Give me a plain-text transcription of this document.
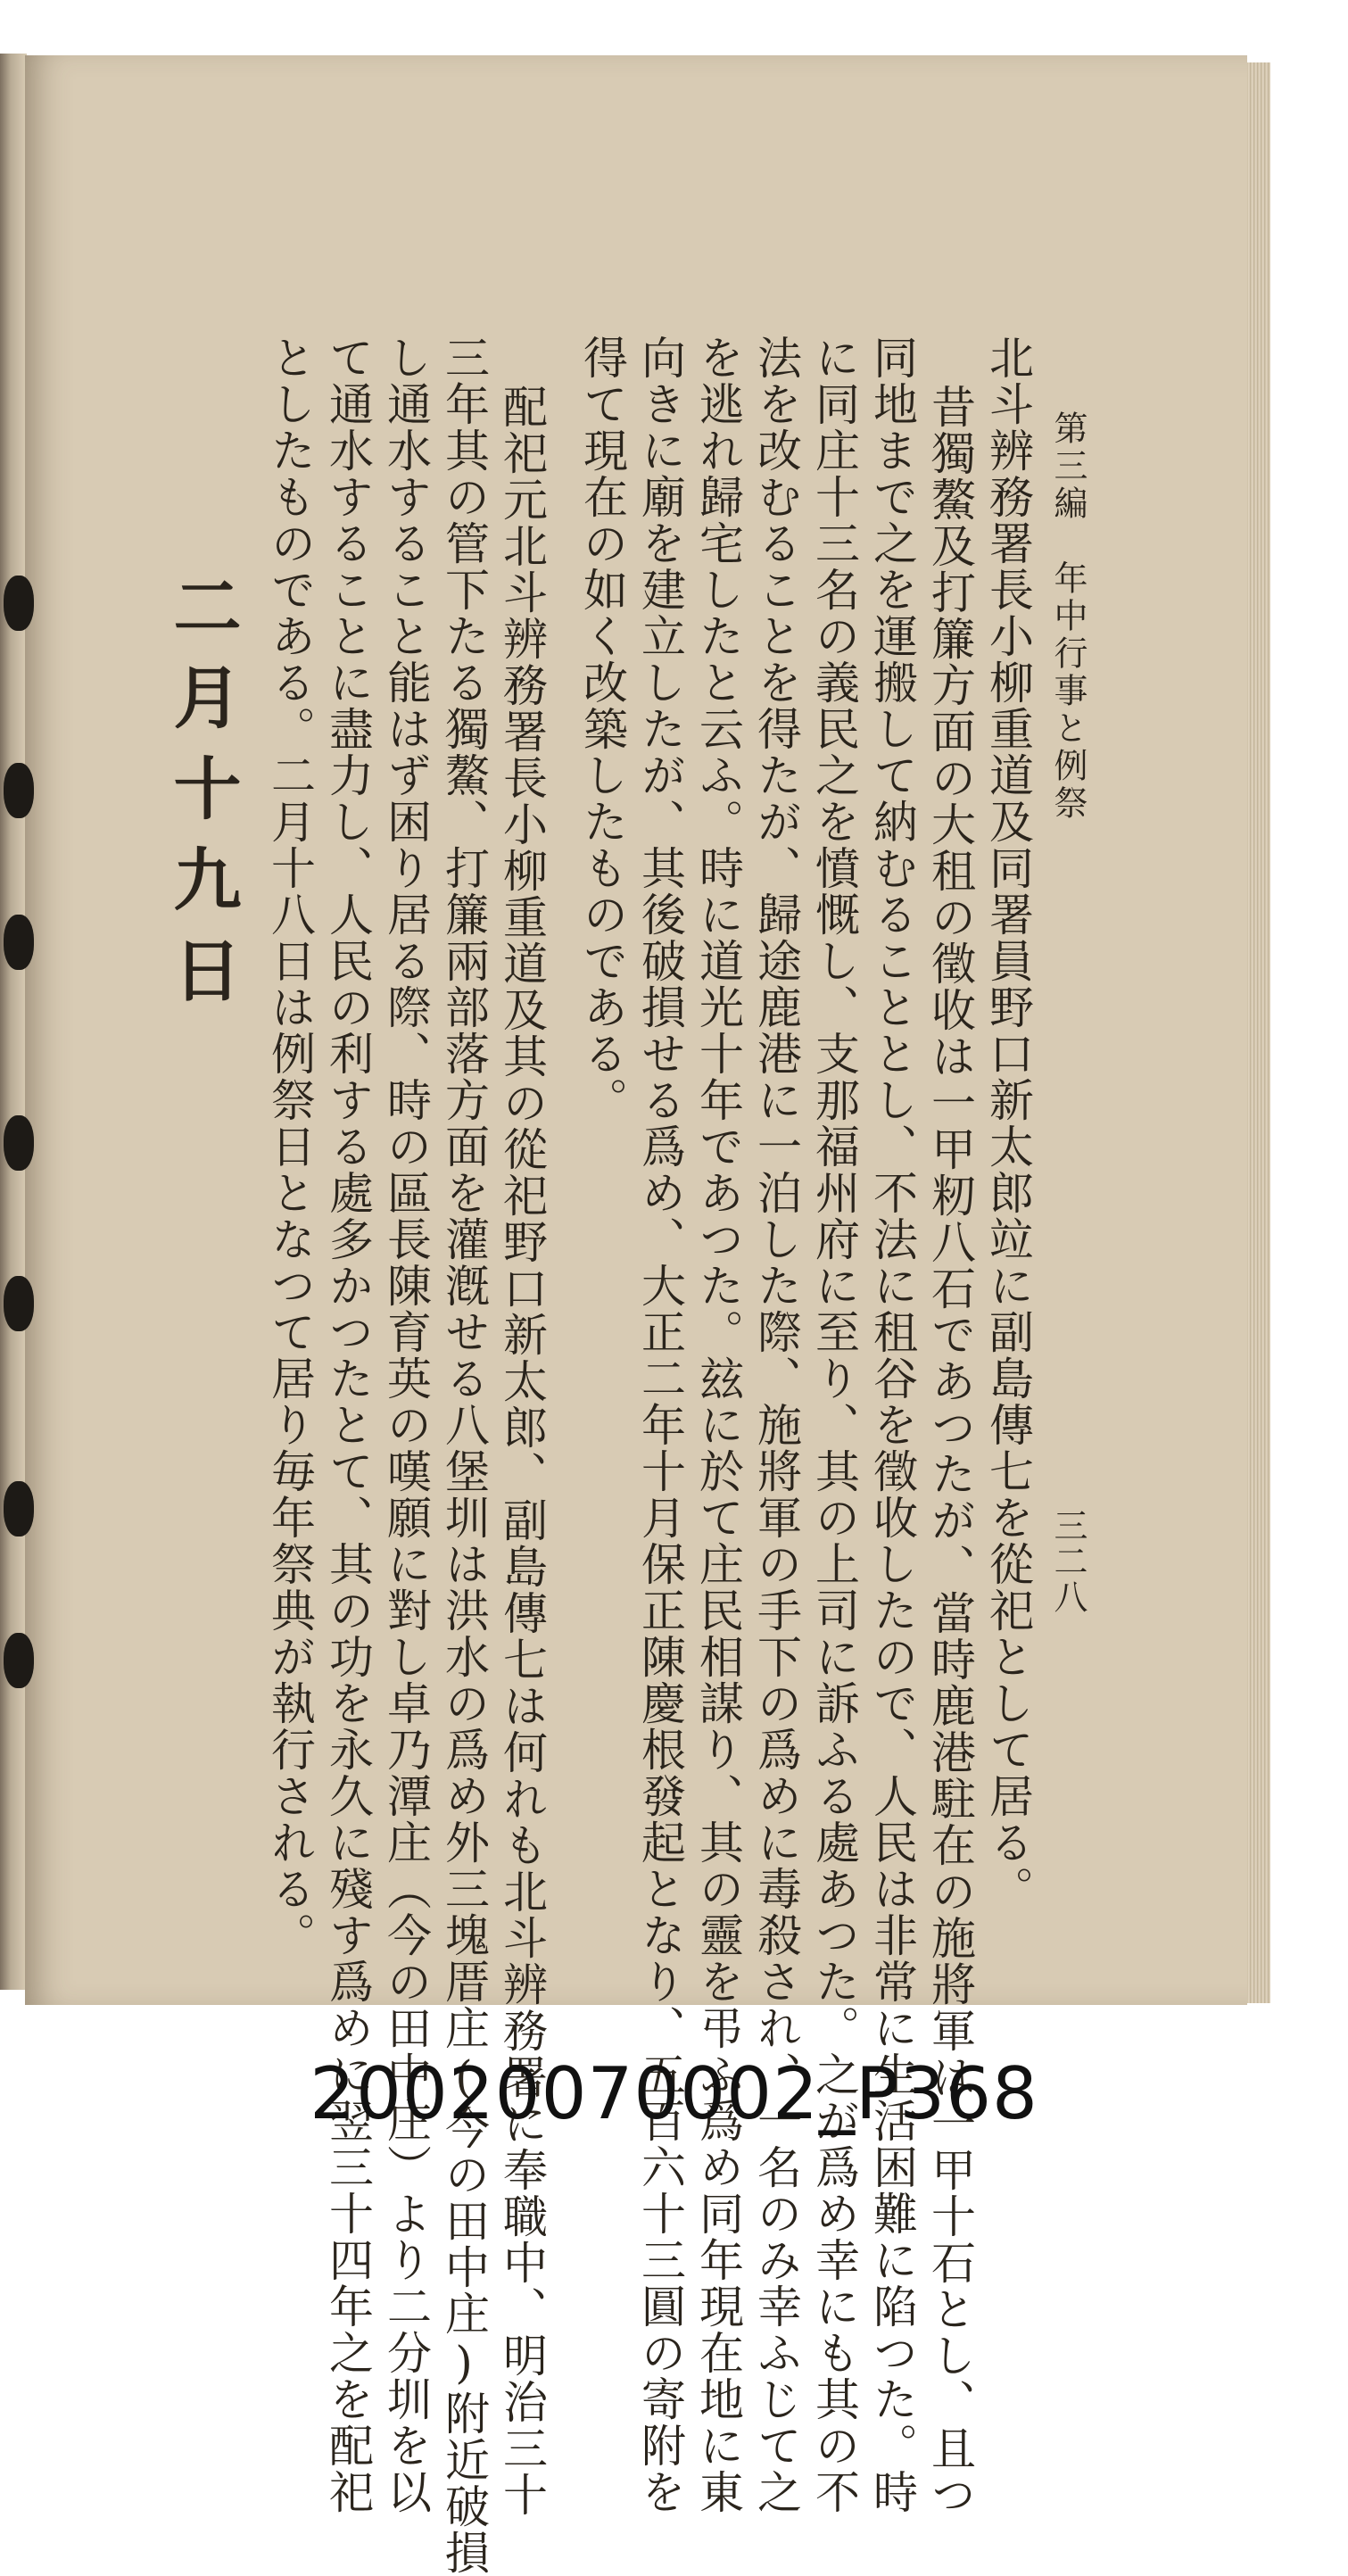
第三編　年中行事と例祭
三二八
北斗辨務署長小柳重道及同署員野口新太郎竝に副島傳七を從祀として居る。
昔獨鰲及打簾方面の大租の徵收は一甲籾八石であつたが、當時鹿港駐在の施將軍は一甲十石とし、且つ
同地まで之を運搬して納むることとし、不法に租谷を徵收したので、人民は非常に生活困難に陷つた。時
に同庄十三名の義民之を憤慨し、支那福州府に至り、其の上司に訴ふる處あつた。之が爲め幸にも其の不
法を改むることを得たが、歸途鹿港に一泊した際、施將軍の手下の爲めに毒殺され、一名のみ幸ふじて之
を逃れ歸宅したと云ふ。時に道光十年であつた。玆に於て庄民相謀り、其の靈を弔ふ爲め同年現在地に東
向きに廟を建立したが、其後破損せる爲め、大正二年十月保正陳慶根發起となり、五百六十三圓の寄附を
得て現在の如く改築したものである。
配祀元北斗辨務署長小柳重道及其の從祀野口新太郎、副島傳七は何れも北斗辨務署に奉職中、明治三十
三年其の管下たる獨鰲、打簾兩部落方面を灌漑せる八堡圳は洪水の爲め外三塊厝庄(今の田中庄)附近破損
し通水すること能はず困り居る際、時の區長陳育英の嘆願に對し卓乃潭庄（今の田中庄）より二分圳を以
て通水することに盡力し、人民の利する處多かつたとて、其の功を永久に殘す爲めに翌三十四年之を配祀
としたものである。二月十八日は例祭日となつて居り毎年祭典が執行される。
二月十九日
20020070002_P368
